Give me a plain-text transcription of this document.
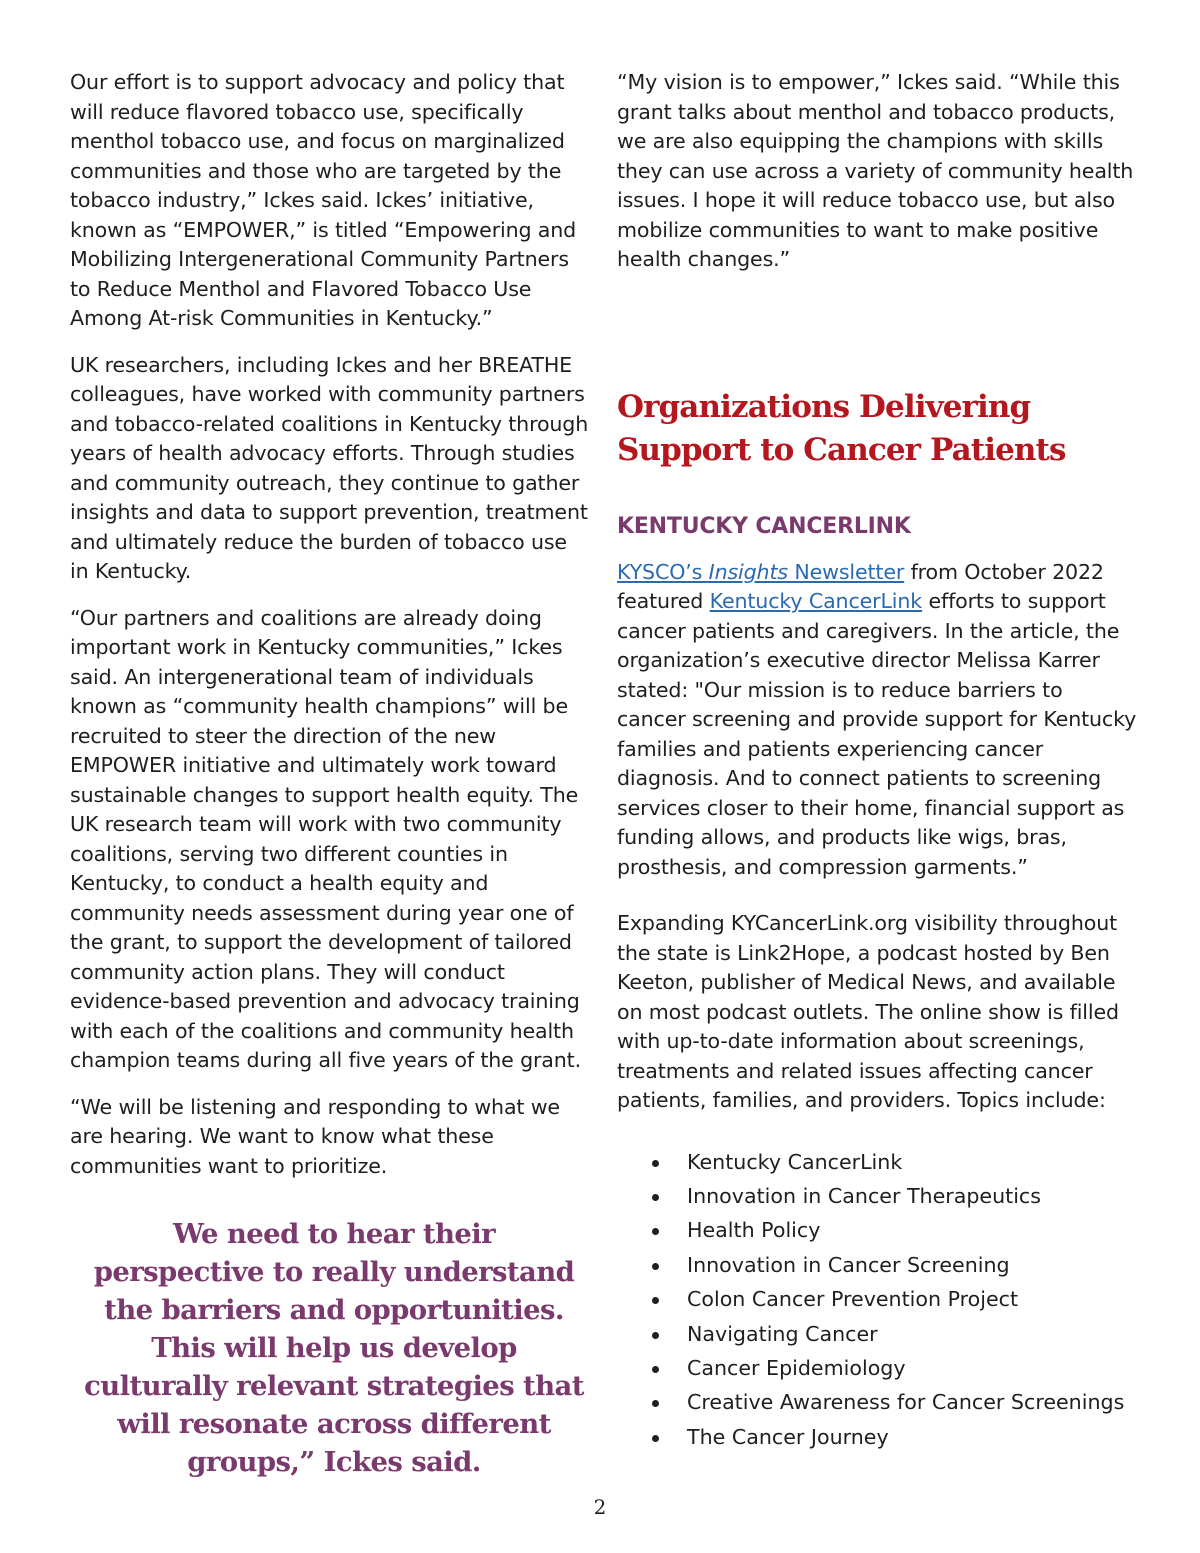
Our effort is to support advocacy and policy that will reduce flavored tobacco use, specifically menthol tobacco use, and focus on marginalized communities and those who are targeted by the tobacco industry,” Ickes said. Ickes’ initiative, known as “EMPOWER,” is titled “Empowering and Mobilizing Intergenerational Community Partners to Reduce Menthol and Flavored Tobacco Use Among At-risk Communities in Kentucky.”

UK researchers, including Ickes and her BREATHE colleagues, have worked with community partners and tobacco-related coalitions in Kentucky through years of health advocacy efforts. Through studies and community outreach, they continue to gather insights and data to support prevention, treatment and ultimately reduce the burden of tobacco use in Kentucky.

“Our partners and coalitions are already doing important work in Kentucky communities,” Ickes said. An intergenerational team of individuals known as “community health champions” will be recruited to steer the direction of the new EMPOWER initiative and ultimately work toward sustainable changes to support health equity. The UK research team will work with two community coalitions, serving two different counties in Kentucky, to conduct a health equity and community needs assessment during year one of the grant, to support the development of tailored community action plans. They will conduct evidence-based prevention and advocacy training with each of the coalitions and community health champion teams during all five years of the grant.

“We will be listening and responding to what we are hearing. We want to know what these communities want to prioritize.

We need to hear their perspective to really understand the barriers and opportunities. This will help us develop culturally relevant strategies that will resonate across different groups,” Ickes said.

“My vision is to empower,” Ickes said. “While this grant talks about menthol and tobacco products, we are also equipping the champions with skills they can use across a variety of community health issues. I hope it will reduce tobacco use, but also mobilize communities to want to make positive health changes.”

Organizations Delivering Support to Cancer Patients
KENTUCKY CANCERLINK

KYSCO’s Insights Newsletter from October 2022 featured Kentucky CancerLink efforts to support cancer patients and caregivers. In the article, the organization’s executive director Melissa Karrer stated: "Our mission is to reduce barriers to cancer screening and provide support for Kentucky families and patients experiencing cancer diagnosis. And to connect patients to screening services closer to their home, financial support as funding allows, and products like wigs, bras, prosthesis, and compression garments.”

Expanding KYCancerLink.org visibility throughout the state is Link2Hope, a podcast hosted by Ben Keeton, publisher of Medical News, and available on most podcast outlets. The online show is filled with up-to-date information about screenings, treatments and related issues affecting cancer patients, families, and providers. Topics include:

Kentucky CancerLink
Innovation in Cancer Therapeutics
Health Policy
Innovation in Cancer Screening
Colon Cancer Prevention Project
Navigating Cancer
Cancer Epidemiology
Creative Awareness for Cancer Screenings
The Cancer Journey
2
